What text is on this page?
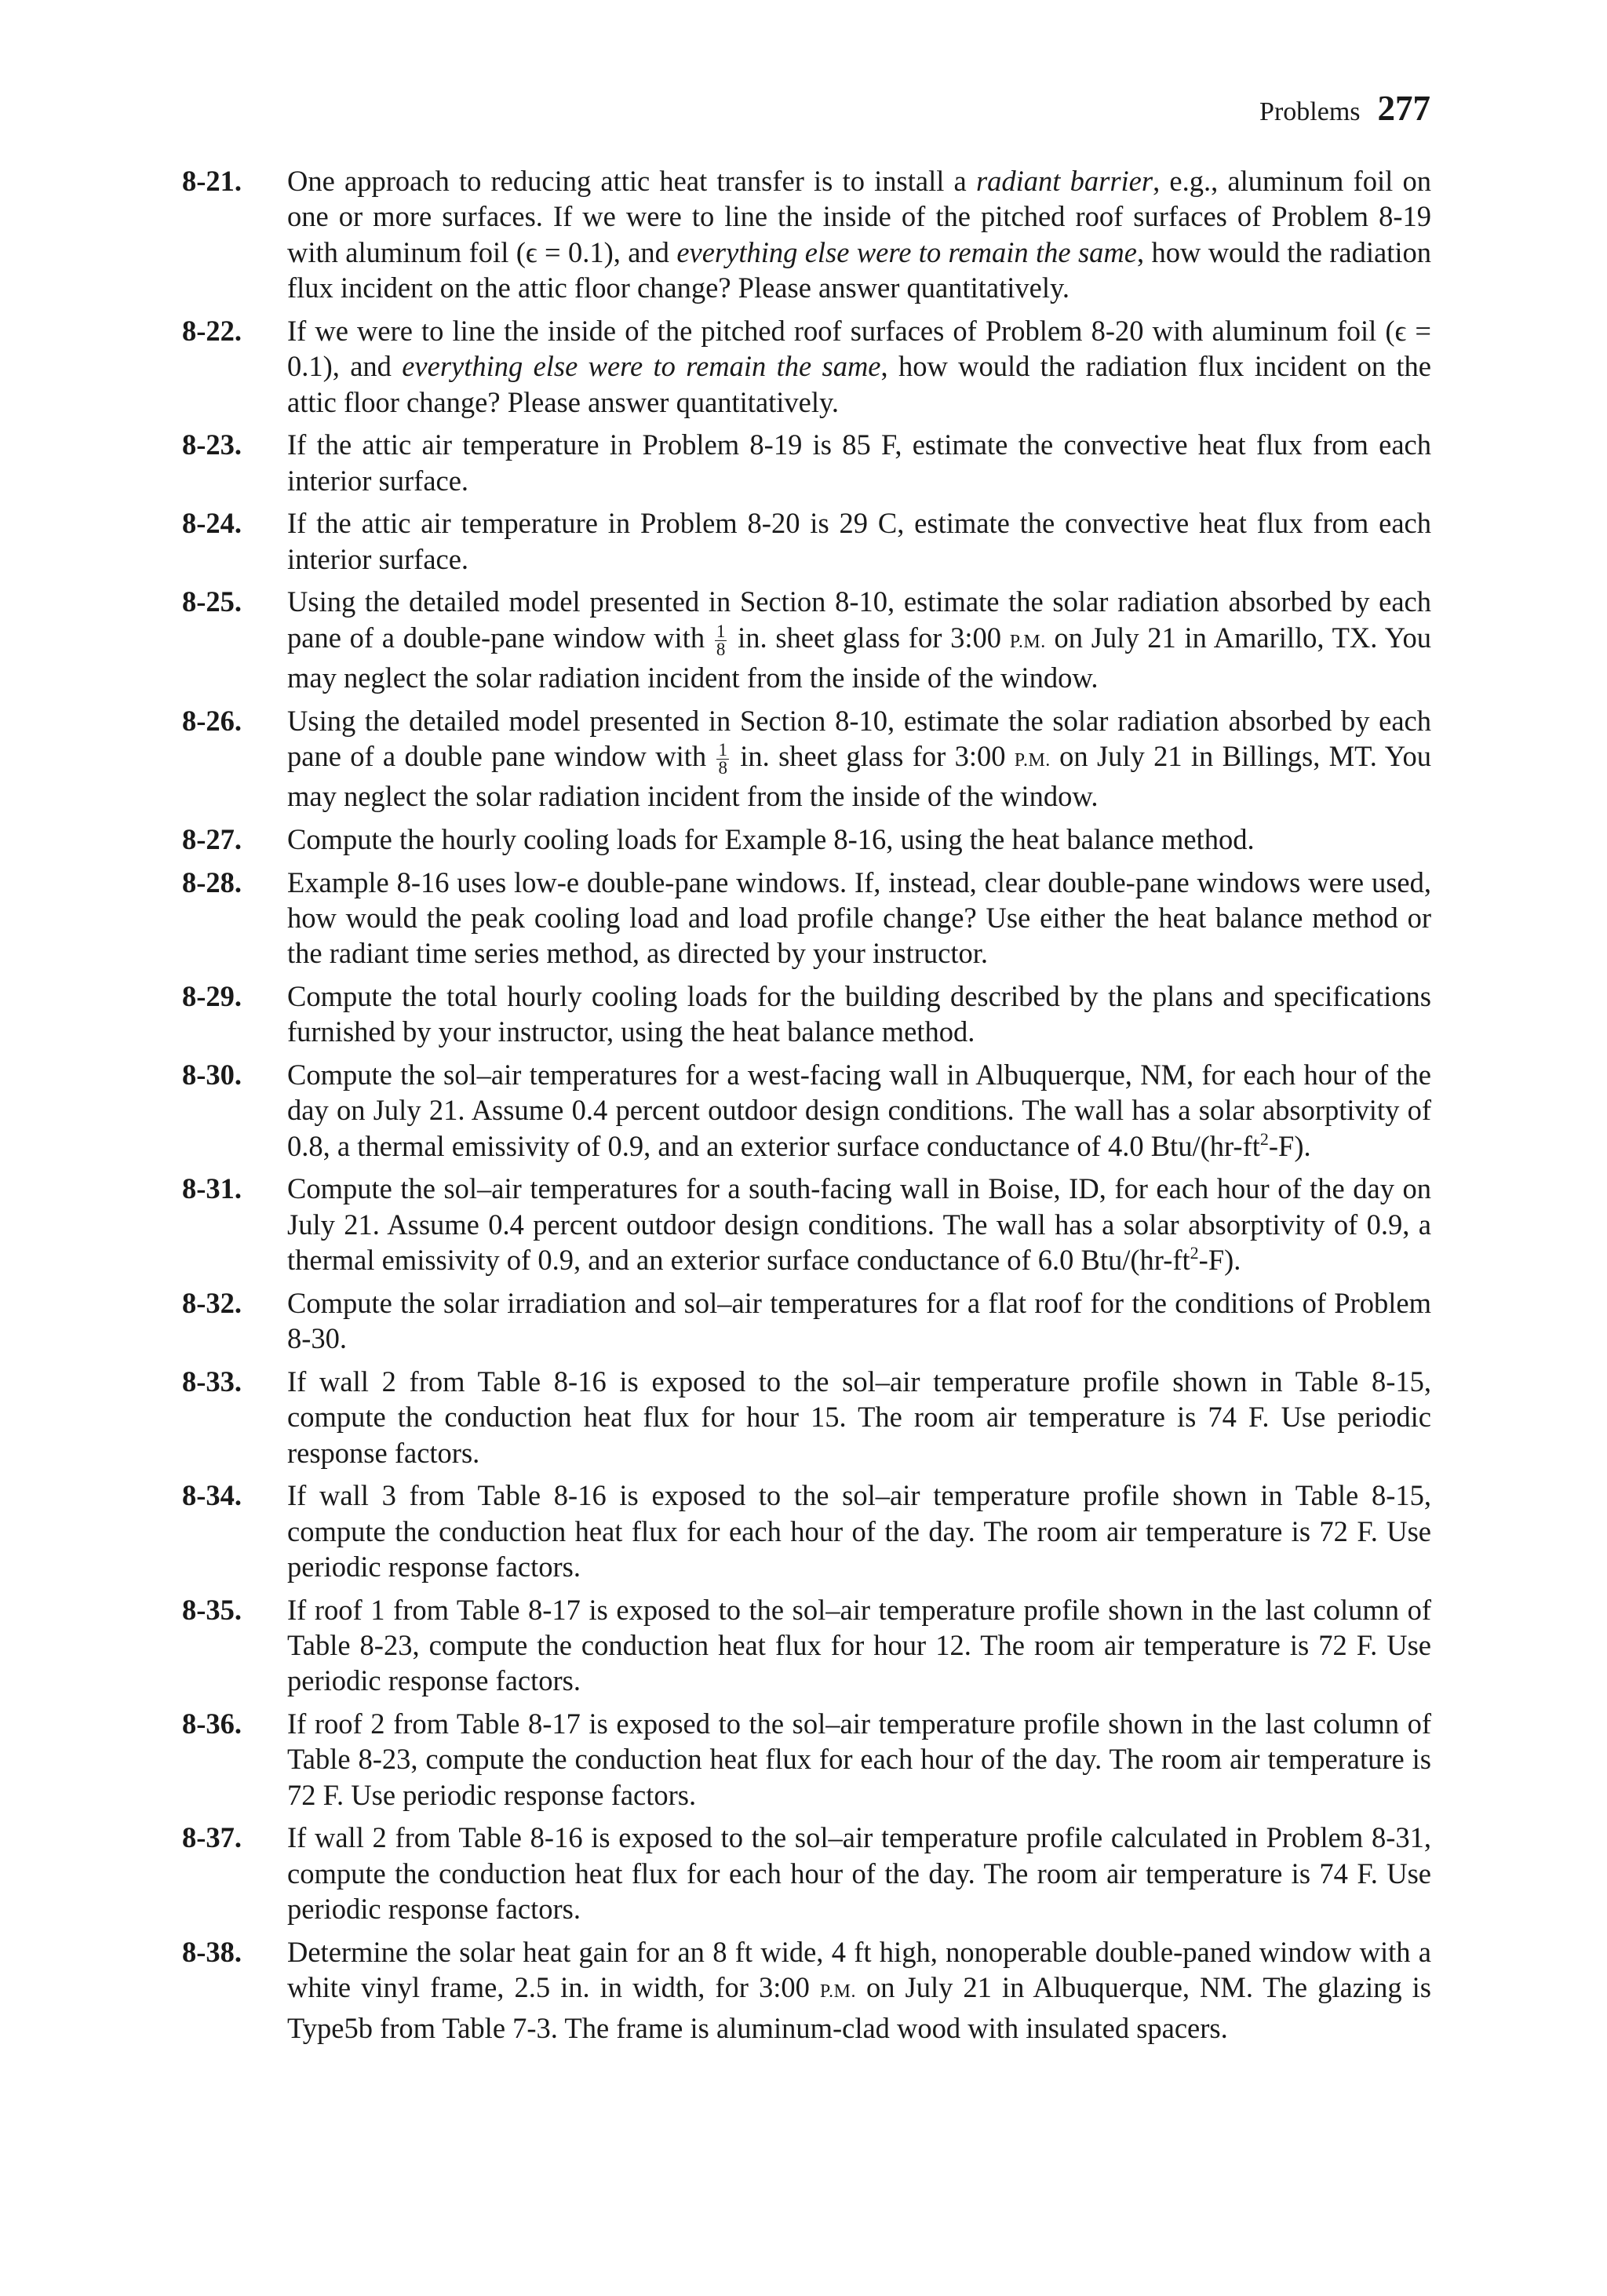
Problems 277
8-21.	One approach to reducing attic heat transfer is to install a radiant barrier, e.g., aluminum foil on one or more surfaces. If we were to line the inside of the pitched roof surfaces of Problem 8-19 with aluminum foil (ϵ = 0.1), and everything else were to remain the same, how would the radiation flux incident on the attic floor change? Please answer quantitatively.
8-22.	If we were to line the inside of the pitched roof surfaces of Problem 8-20 with aluminum foil (ϵ = 0.1), and everything else were to remain the same, how would the radiation flux incident on the attic floor change? Please answer quantitatively.
8-23.	If the attic air temperature in Problem 8-19 is 85 F, estimate the convective heat flux from each interior surface.
8-24.	If the attic air temperature in Problem 8-20 is 29 C, estimate the convective heat flux from each interior surface.
8-25.	Using the detailed model presented in Section 8-10, estimate the solar radiation absorbed by each pane of a double-pane window with $\frac{1}{8}$ in. sheet glass for 3:00 P.M. on July 21 in Amarillo, TX. You may neglect the solar radiation incident from the inside of the window.
8-26.	Using the detailed model presented in Section 8-10, estimate the solar radiation absorbed by each pane of a double pane window with $\frac{1}{8}$ in. sheet glass for 3:00 P.M. on July 21 in Billings, MT. You may neglect the solar radiation incident from the inside of the window.
8-27.	Compute the hourly cooling loads for Example 8-16, using the heat balance method.
8-28.	Example 8-16 uses low-e double-pane windows. If, instead, clear double-pane windows were used, how would the peak cooling load and load profile change? Use either the heat balance method or the radiant time series method, as directed by your instructor.
8-29.	Compute the total hourly cooling loads for the building described by the plans and specifications furnished by your instructor, using the heat balance method.
8-30.	Compute the sol–air temperatures for a west-facing wall in Albuquerque, NM, for each hour of the day on July 21. Assume 0.4 percent outdoor design conditions. The wall has a solar absorptivity of 0.8, a thermal emissivity of 0.9, and an exterior surface conductance of 4.0 Btu/$(hr-ft^2-F)$.
8-31.	Compute the sol–air temperatures for a south-facing wall in Boise, ID, for each hour of the day on July 21. Assume 0.4 percent outdoor design conditions. The wall has a solar absorptivity of 0.9, a thermal emissivity of 0.9, and an exterior surface conductance of 6.0 Btu/$(hr-ft^2-F)$.
8-32.	Compute the solar irradiation and sol–air temperatures for a flat roof for the conditions of Problem 8-30.
8-33.	If wall 2 from Table 8-16 is exposed to the sol–air temperature profile shown in Table 8-15, compute the conduction heat flux for hour 15. The room air temperature is 74 F. Use periodic response factors.
8-34.	If wall 3 from Table 8-16 is exposed to the sol–air temperature profile shown in Table 8-15, compute the conduction heat flux for each hour of the day. The room air temperature is 72 F. Use periodic response factors.
8-35.	If roof 1 from Table 8-17 is exposed to the sol–air temperature profile shown in the last column of Table 8-23, compute the conduction heat flux for hour 12. The room air temperature is 72 F. Use periodic response factors.
8-36.	If roof 2 from Table 8-17 is exposed to the sol–air temperature profile shown in the last column of Table 8-23, compute the conduction heat flux for each hour of the day. The room air temperature is 72 F. Use periodic response factors.
8-37.	If wall 2 from Table 8-16 is exposed to the sol–air temperature profile calculated in Problem 8-31, compute the conduction heat flux for each hour of the day. The room air temperature is 74 F. Use periodic response factors.
8-38.	Determine the solar heat gain for an 8 ft wide, 4 ft high, nonoperable double-paned window with a white vinyl frame, 2.5 in. in width, for 3:00 P.M. on July 21 in Albuquerque, NM. The glazing is Type5b from Table 7-3. The frame is aluminum-clad wood with insulated spacers.
